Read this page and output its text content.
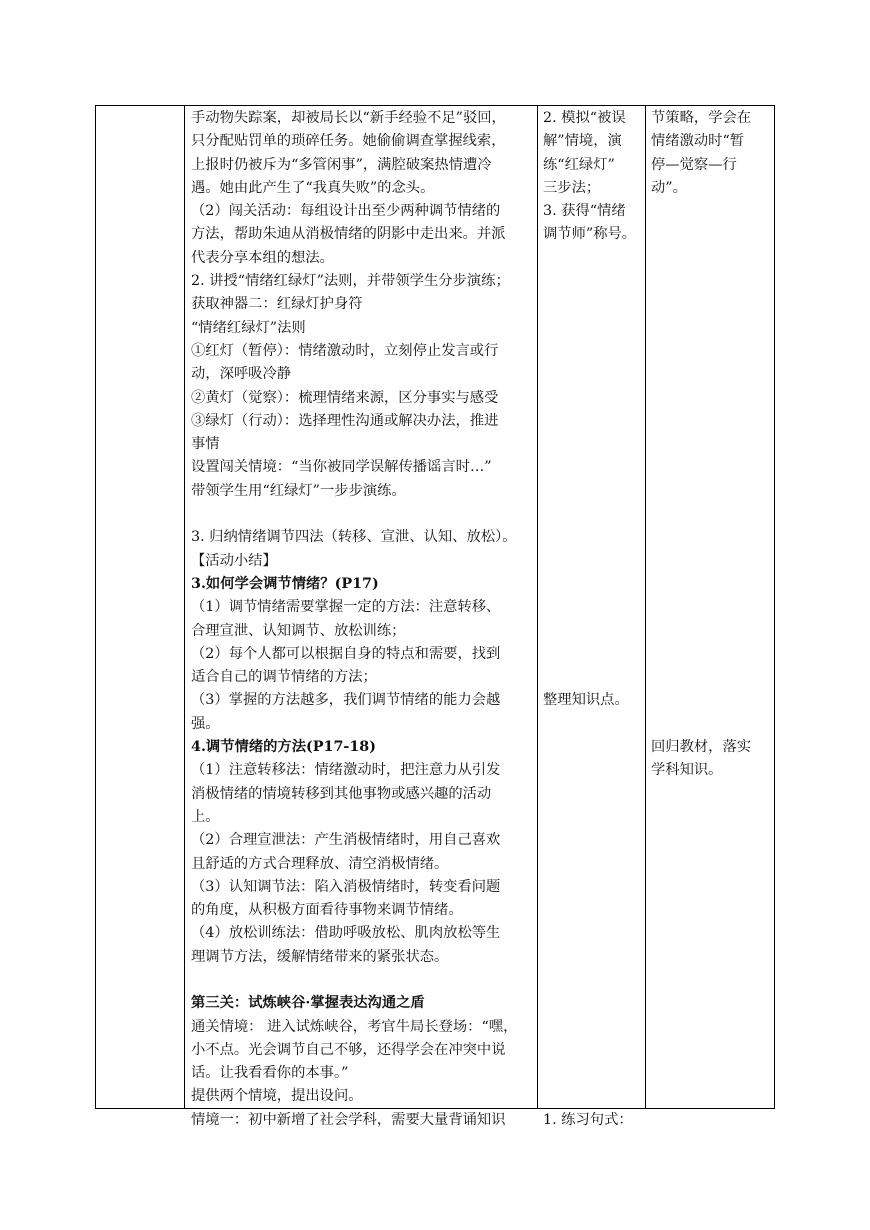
手动物失踪案，却被局长以“新手经验不足”驳回，
只分配贴罚单的琐碎任务。她偷偷调查掌握线索，
上报时仍被斥为“多管闲事”，满腔破案热情遭冷
遇。她由此产生了“我真失败”的念头。
（2）闯关活动：每组设计出至少两种调节情绪的
方法，帮助朱迪从消极情绪的阴影中走出来。并派
代表分享本组的想法。
2. 讲授“情绪红绿灯”法则，并带领学生分步演练；
获取神器二：红绿灯护身符
“情绪红绿灯”法则
①红灯（暂停）：情绪激动时，立刻停止发言或行
动，深呼吸冷静
②黄灯（觉察）：梳理情绪来源，区分事实与感受
③绿灯（行动）：选择理性沟通或解决办法，推进
事情
设置闯关情境：“当你被同学误解传播谣言时…”
带领学生用“红绿灯”一步步演练。
3. 归纳情绪调节四法（转移、宣泄、认知、放松）。
【活动小结】
3.如何学会调节情绪？(P17)
（1）调节情绪需要掌握一定的方法：注意转移、
合理宣泄、认知调节、放松训练；
（2）每个人都可以根据自身的特点和需要，找到
适合自己的调节情绪的方法；
（3）掌握的方法越多，我们调节情绪的能力会越
强。
4.调节情绪的方法(P17-18)
（1）注意转移法：情绪激动时，把注意力从引发
消极情绪的情境转移到其他事物或感兴趣的活动
上。
（2）合理宣泄法：产生消极情绪时，用自己喜欢
且舒适的方式合理释放、清空消极情绪。
（3）认知调节法：陷入消极情绪时，转变看问题
的角度，从积极方面看待事物来调节情绪。
（4）放松训练法：借助呼吸放松、肌肉放松等生
理调节方法，缓解情绪带来的紧张状态。
第三关：试炼峡谷·掌握表达沟通之盾
通关情境： 进入试炼峡谷，考官牛局长登场：“嘿，
小不点。光会调节自己不够，还得学会在冲突中说
话。让我看看你的本事。”
提供两个情境，提出设问。
情境一：初中新增了社会学科，需要大量背诵知识
2. 模拟“被误
解”情境，演
练“红绿灯”
三步法；
3. 获得“情绪
调节师”称号。
整理知识点。
1. 练习句式：
节策略，学会在
情绪激动时“暂
停—觉察—行
动”。
回归教材，落实
学科知识。
